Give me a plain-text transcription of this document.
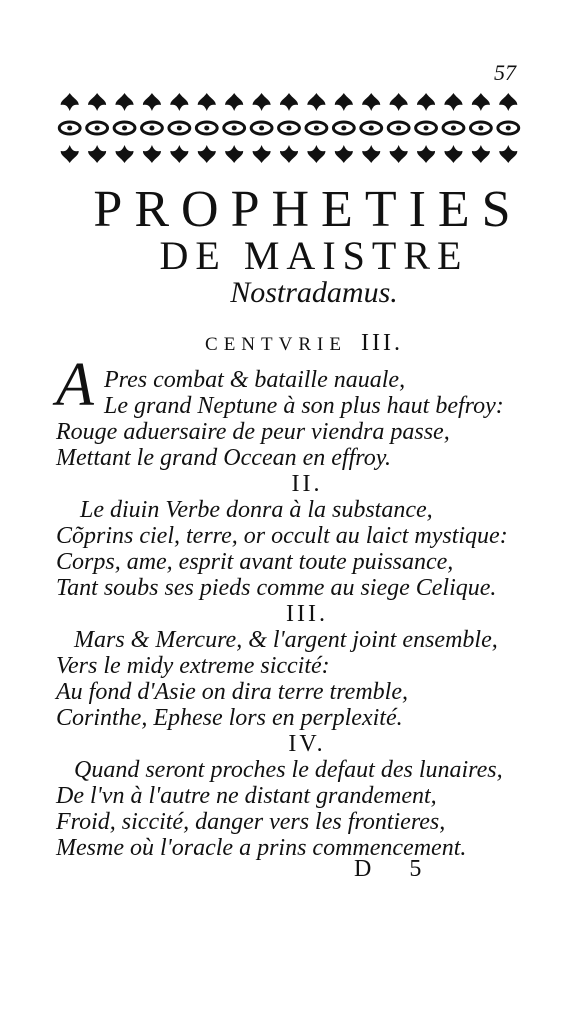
57
PROPHETIES
DE MAISTRE
Nostradamus.
CENTVRIE III.
A Pres combat & bataille nauale,
Le grand Neptune à son plus haut befroy:
Rouge aduersaire de peur viendra passe,
Mettant le grand Occean en effroy.
II.
Le diuin Verbe donra à la substance,
Cõprins ciel, terre, or occult au laict mystique:
Corps, ame, esprit avant toute puissance,
Tant soubs ses pieds comme au siege Celique.
III.
Mars & Mercure, & l'argent joint ensemble,
Vers le midy extreme siccité:
Au fond d'Asie on dira terre tremble,
Corinthe, Ephese lors en perplexité.
IV.
Quand seront proches le defaut des lunaires,
De l'vn à l'autre ne distant grandement,
Froid, siccité, danger vers les frontieres,
Mesme où l'oracle a prins commencement.
D 5
